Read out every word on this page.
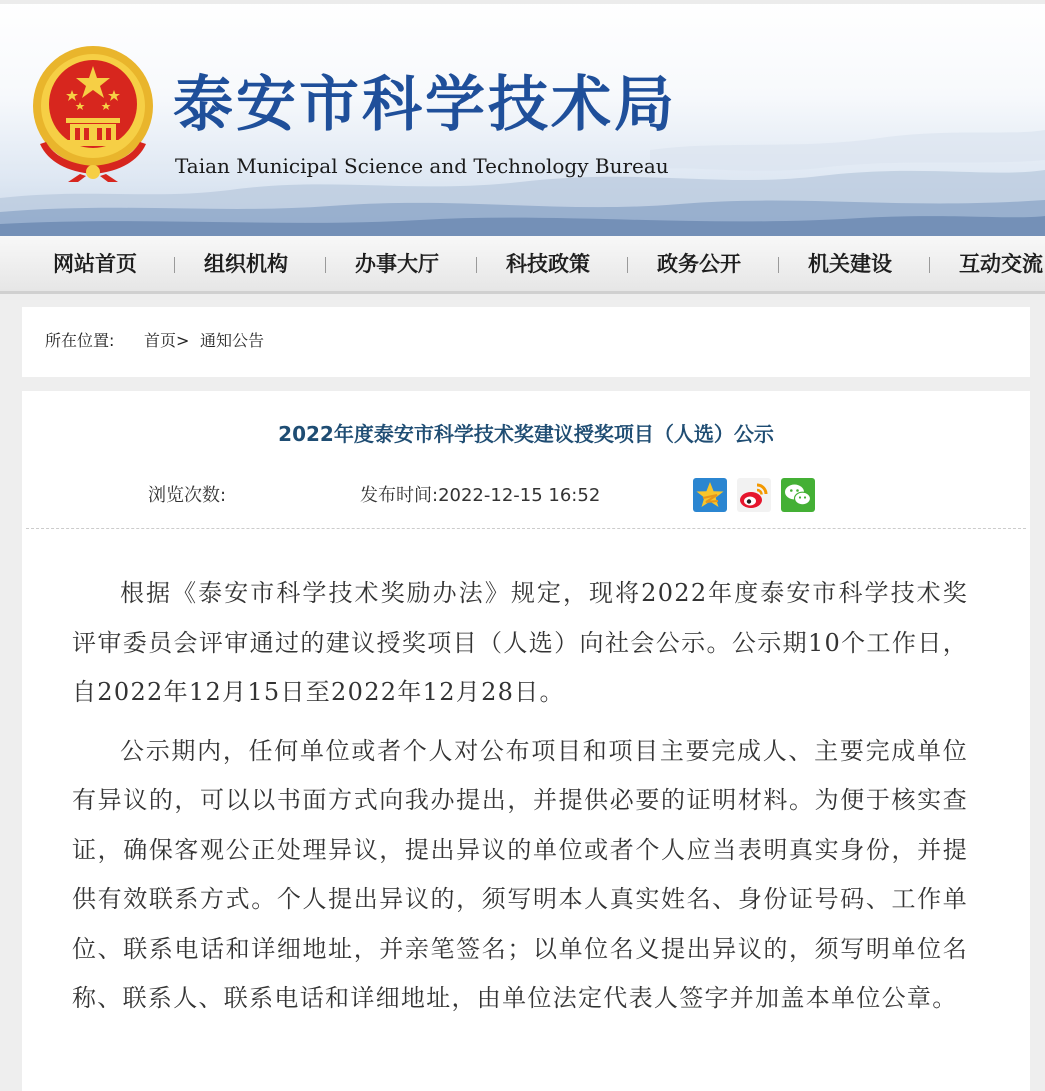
泰安市科学技术局
Taian Municipal Science and Technology Bureau
网站首页	组织机构	办事大厅	科技政策	政务公开	机关建设	互动交流
所在位置: 首页> 通知公告
2022年度泰安市科学技术奖建议授奖项目（人选）公示
浏览次数:	发布时间:2022-12-15 16:52

根据《泰安市科学技术奖励办法》规定，现将2022年度泰安市科学技术奖评审委员会评审通过的建议授奖项目（人选）向社会公示。公示期10个工作日，自2022年12月15日至2022年12月28日。

公示期内，任何单位或者个人对公布项目和项目主要完成人、主要完成单位有异议的，可以以书面方式向我办提出，并提供必要的证明材料。为便于核实查证，确保客观公正处理异议，提出异议的单位或者个人应当表明真实身份，并提供有效联系方式。个人提出异议的，须写明本人真实姓名、身份证号码、工作单位、联系电话和详细地址，并亲笔签名；以单位名义提出异议的，须写明单位名称、联系人、联系电话和详细地址，由单位法定代表人签字并加盖本单位公章。
